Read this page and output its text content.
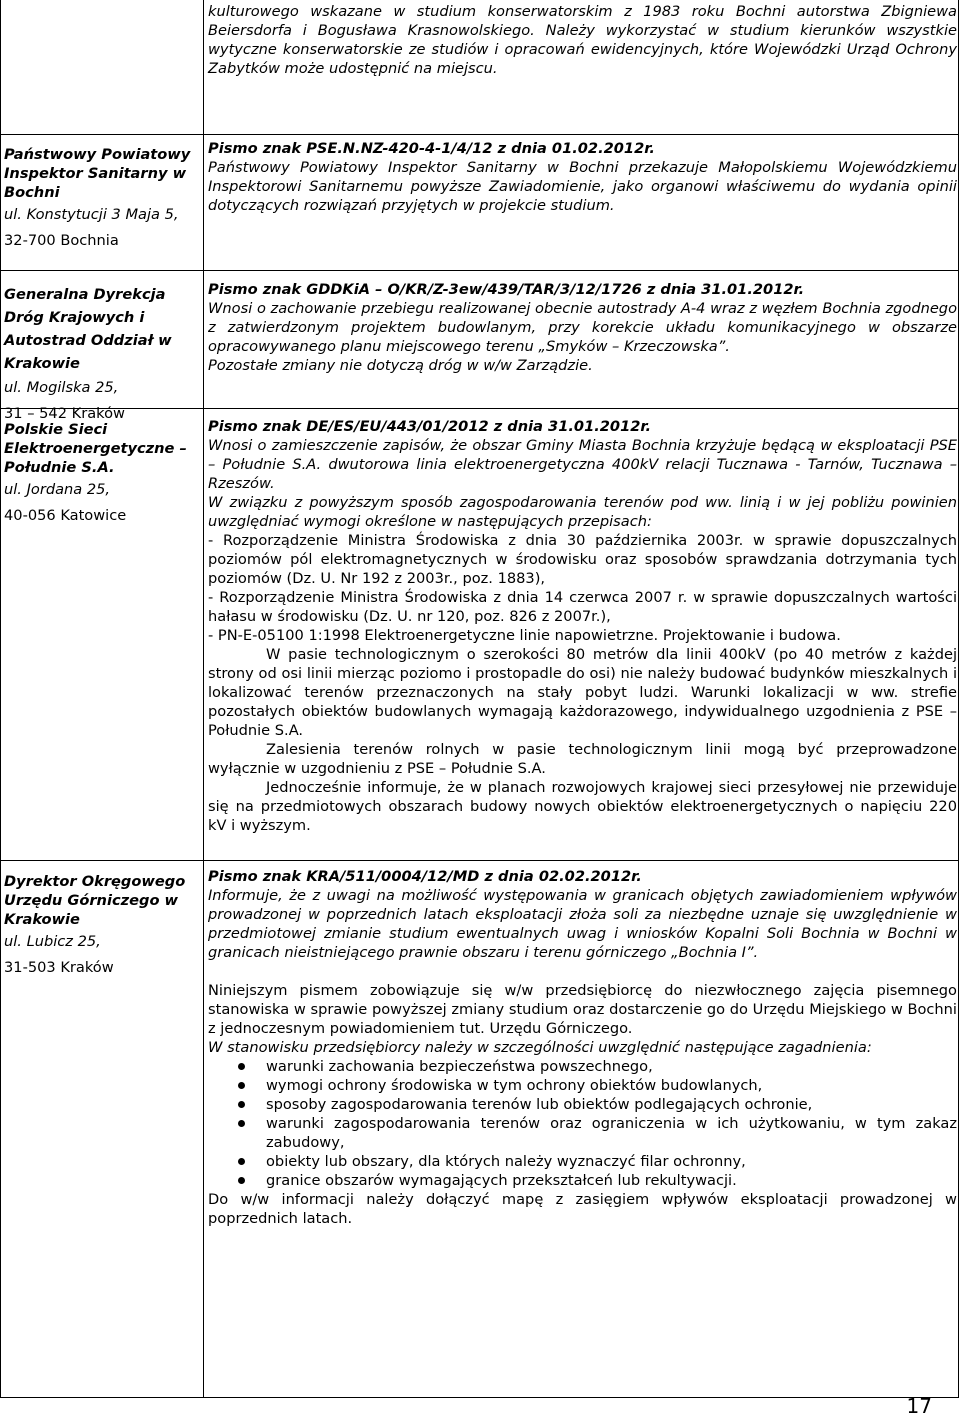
kulturowego wskazane w studium konserwatorskim z 1983 roku Bochni autorstwa Zbigniewa Beiersdorfa i Bogusława Krasnowolskiego. Należy wykorzystać w studium kierunków wszystkie wytyczne konserwatorskie ze studiów i opracowań ewidencyjnych, które Wojewódzki Urząd Ochrony Zabytków może udostępnić na miejscu.

Państwowy Powiatowy Inspektor Sanitarny w Bochni
ul. Konstytucji 3 Maja 5,
32-700 Bochnia
Pismo znak PSE.N.NZ-420-4-1/4/12 z dnia 01.02.2012r.

Państwowy Powiatowy Inspektor Sanitarny w Bochni przekazuje Małopolskiemu Wojewódzkiemu Inspektorowi Sanitarnemu powyższe Zawiadomienie, jako organowi właściwemu do wydania opinii dotyczących rozwiązań przyjętych w projekcie studium.

Generalna Dyrekcja Dróg Krajowych i Autostrad Oddział w Krakowie
ul. Mogilska 25,
31 – 542 Kraków
Pismo znak GDDKiA – O/KR/Z-3ew/439/TAR/3/12/1726 z dnia 31.01.2012r.

Wnosi o zachowanie przebiegu realizowanej obecnie autostrady A-4 wraz z węzłem Bochnia zgodnego z zatwierdzonym projektem budowlanym, przy korekcie układu komunikacyjnego w obszarze opracowywanego planu miejscowego terenu „Smyków – Krzeczowska”.

Pozostałe zmiany nie dotyczą dróg w w/w Zarządzie.

Polskie Sieci Elektroenergetyczne – Południe S.A.
ul. Jordana 25,
40-056 Katowice
Pismo znak DE/ES/EU/443/01/2012 z dnia 31.01.2012r.

Wnosi o zamieszczenie zapisów, że obszar Gminy Miasta Bochnia krzyżuje będącą w eksploatacji PSE – Południe S.A. dwutorowa linia elektroenergetyczna 400kV relacji Tucznawa - Tarnów, Tucznawa – Rzeszów.

W związku z powyższym sposób zagospodarowania terenów pod ww. linią i w jej pobliżu powinien uwzględniać wymogi określone w następujących przepisach:

- Rozporządzenie Ministra Środowiska z dnia 30 października 2003r. w sprawie dopuszczalnych poziomów pól elektromagnetycznych w środowisku oraz sposobów sprawdzania dotrzymania tych poziomów (Dz. U. Nr 192 z 2003r., poz. 1883),

- Rozporządzenie Ministra Środowiska z dnia 14 czerwca 2007 r. w sprawie dopuszczalnych wartości hałasu w środowisku (Dz. U. nr 120, poz. 826 z 2007r.),

- PN-E-05100 1:1998 Elektroenergetyczne linie napowietrzne. Projektowanie i budowa.

W pasie technologicznym o szerokości 80 metrów dla linii 400kV (po 40 metrów z każdej strony od osi linii mierząc poziomo i prostopadle do osi) nie należy budować budynków mieszkalnych i lokalizować terenów przeznaczonych na stały pobyt ludzi. Warunki lokalizacji w ww. strefie pozostałych obiektów budowlanych wymagają każdorazowego, indywidualnego uzgodnienia z PSE – Południe S.A.

Zalesienia terenów rolnych w pasie technologicznym linii mogą być przeprowadzone wyłącznie w uzgodnieniu z PSE – Południe S.A.

Jednocześnie informuje, że w planach rozwojowych krajowej sieci przesyłowej nie przewiduje się na przedmiotowych obszarach budowy nowych obiektów elektroenergetycznych o napięciu 220 kV i wyższym.

Dyrektor Okręgowego Urzędu Górniczego w Krakowie
ul. Lubicz 25,
31-503 Kraków
Pismo znak KRA/511/0004/12/MD z dnia 02.02.2012r.

Informuje, że z uwagi na możliwość występowania w granicach objętych zawiadomieniem wpływów prowadzonej w poprzednich latach eksploatacji złoża soli za niezbędne uznaje się uwzględnienie w przedmiotowej zmianie studium ewentualnych uwag i wniosków Kopalni Soli Bochnia w Bochni w granicach nieistniejącego prawnie obszaru i terenu górniczego „Bochnia I”.

Niniejszym pismem zobowiązuje się w/w przedsiębiorcę do niezwłocznego zajęcia pisemnego stanowiska w sprawie powyższej zmiany studium oraz dostarczenie go do Urzędu Miejskiego w Bochni z jednoczesnym powiadomieniem tut. Urzędu Górniczego.

W stanowisku przedsiębiorcy należy w szczególności uwzględnić następujące zagadnienia:

warunki zachowania bezpieczeństwa powszechnego,
wymogi ochrony środowiska w tym ochrony obiektów budowlanych,
sposoby zagospodarowania terenów lub obiektów podlegających ochronie,
warunki zagospodarowania terenów oraz ograniczenia w ich użytkowaniu, w tym zakaz zabudowy,
obiekty lub obszary, dla których należy wyznaczyć filar ochronny,
granice obszarów wymagających przekształceń lub rekultywacji.

Do w/w informacji należy dołączyć mapę z zasięgiem wpływów eksploatacji prowadzonej w poprzednich latach.

17
